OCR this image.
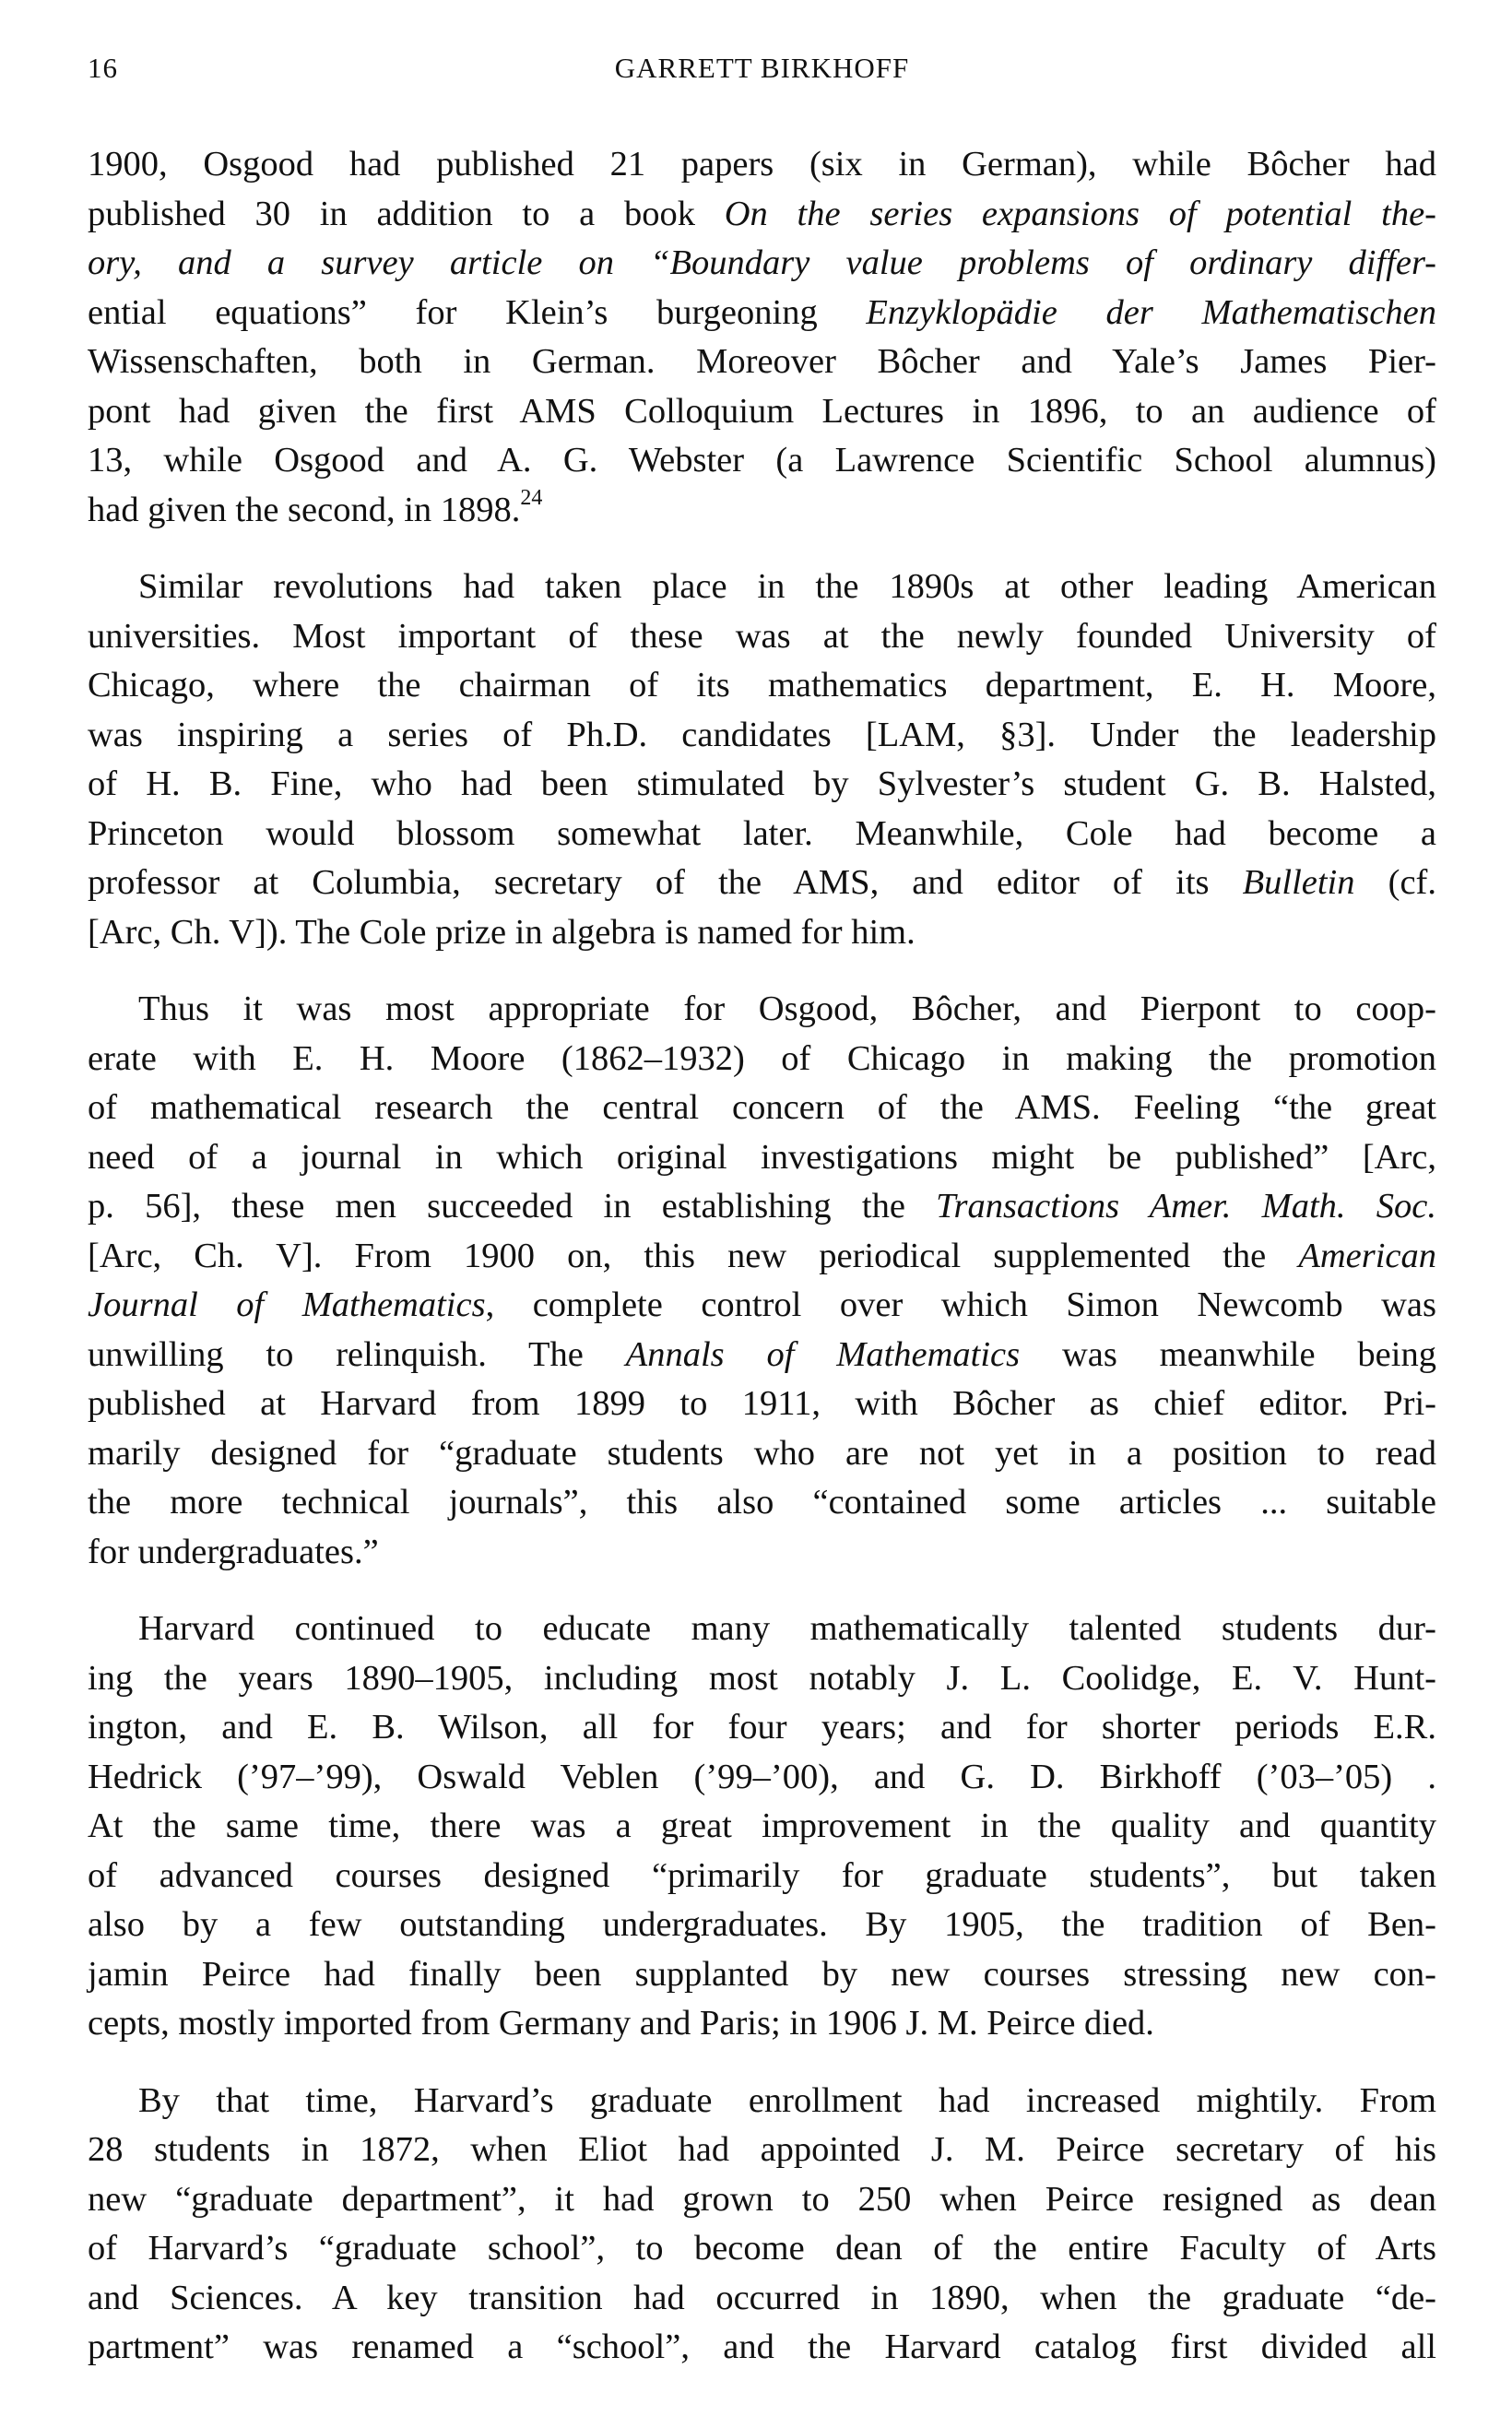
16	GARRETT BIRKHOFF

1900, Osgood had published 21 papers (six in German), while Bôcher had
published 30 in addition to a book On the series expansions of potential the-
ory, and a survey article on “Boundary value problems of ordinary differ-
ential equations” for Klein’s burgeoning Enzyklopädie der Mathematischen
Wissenschaften, both in German. Moreover Bôcher and Yale’s James Pier-
pont had given the first AMS Colloquium Lectures in 1896, to an audience of
13, while Osgood and A. G. Webster (a Lawrence Scientific School alumnus)
had given the second, in 1898.24

Similar revolutions had taken place in the 1890s at other leading American
universities. Most important of these was at the newly founded University of
Chicago, where the chairman of its mathematics department, E. H. Moore,
was inspiring a series of Ph.D. candidates [LAM, §3]. Under the leadership
of H. B. Fine, who had been stimulated by Sylvester’s student G. B. Halsted,
Princeton would blossom somewhat later. Meanwhile, Cole had become a
professor at Columbia, secretary of the AMS, and editor of its Bulletin (cf.
[Arc, Ch. V]). The Cole prize in algebra is named for him.

Thus it was most appropriate for Osgood, Bôcher, and Pierpont to coop-
erate with E. H. Moore (1862–1932) of Chicago in making the promotion
of mathematical research the central concern of the AMS. Feeling “the great
need of a journal in which original investigations might be published” [Arc,
p. 56], these men succeeded in establishing the Transactions Amer. Math. Soc.
[Arc, Ch. V]. From 1900 on, this new periodical supplemented the American
Journal of Mathematics, complete control over which Simon Newcomb was
unwilling to relinquish. The Annals of Mathematics was meanwhile being
published at Harvard from 1899 to 1911, with Bôcher as chief editor. Pri-
marily designed for “graduate students who are not yet in a position to read
the more technical journals”, this also “contained some articles ... suitable
for undergraduates.”

Harvard continued to educate many mathematically talented students dur-
ing the years 1890–1905, including most notably J. L. Coolidge, E. V. Hunt-
ington, and E. B. Wilson, all for four years; and for shorter periods E.R.
Hedrick (’97–’99), Oswald Veblen (’99–’00), and G. D. Birkhoff (’03–’05) .
At the same time, there was a great improvement in the quality and quantity
of advanced courses designed “primarily for graduate students”, but taken
also by a few outstanding undergraduates. By 1905, the tradition of Ben-
jamin Peirce had finally been supplanted by new courses stressing new con-
cepts, mostly imported from Germany and Paris; in 1906 J. M. Peirce died.

By that time, Harvard’s graduate enrollment had increased mightily. From
28 students in 1872, when Eliot had appointed J. M. Peirce secretary of his
new “graduate department”, it had grown to 250 when Peirce resigned as dean
of Harvard’s “graduate school”, to become dean of the entire Faculty of Arts
and Sciences. A key transition had occurred in 1890, when the graduate “de-
partment” was renamed a “school”, and the Harvard catalog first divided all
